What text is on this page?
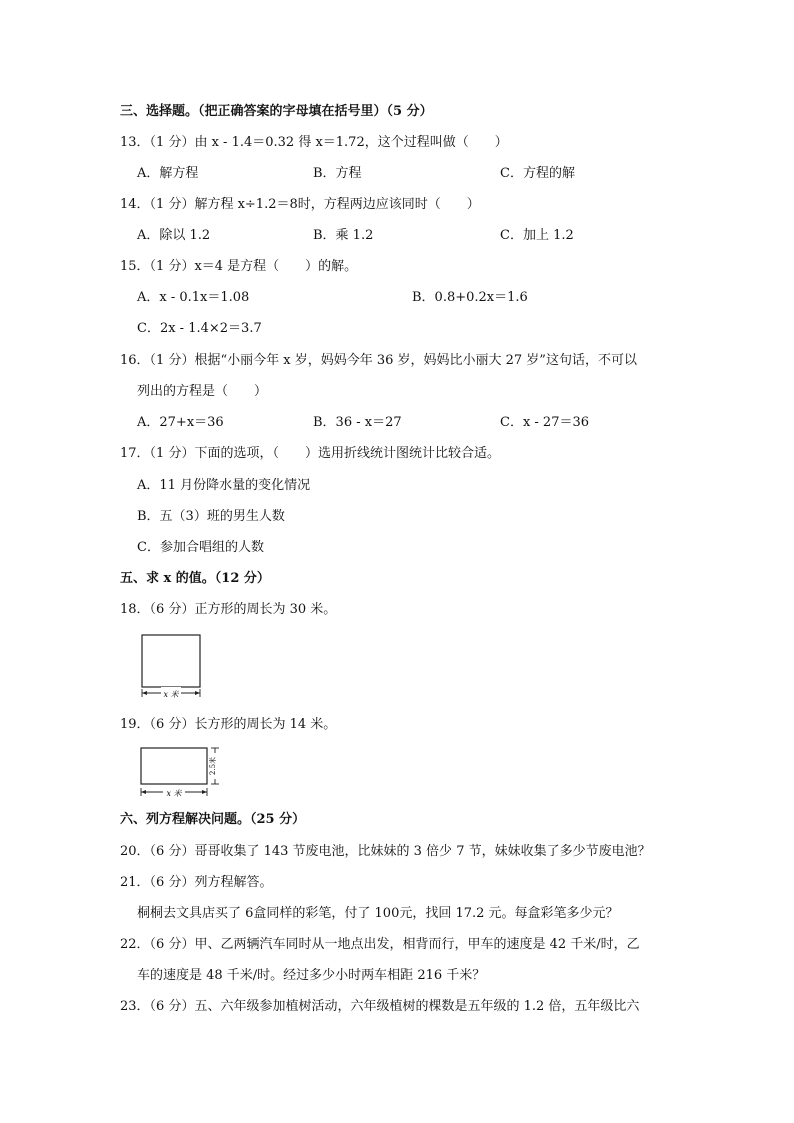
三、选择题。（把正确答案的字母填在括号里）（5 分）
13．（1 分）由 x - 1.4＝0.32 得 x＝1.72，这个过程叫做（　　）
A．解方程	B．方程	C．方程的解
14．（1 分）解方程 x÷1.2＝8时，方程两边应该同时（　　）
A．除以 1.2	B．乘 1.2	C．加上 1.2
15．（1 分）x＝4 是方程（　　）的解。
A．x - 0.1x＝1.08	B．0.8+0.2x＝1.6
C．2x - 1.4×2＝3.7
16．（1 分）根据“小丽今年 x 岁，妈妈今年 36 岁，妈妈比小丽大 27 岁”这句话，不可以
列出的方程是（　　）
A．27+x＝36	B．36 - x＝27	C．x - 27＝36
17．（1 分）下面的选项，（　　）选用折线统计图统计比较合适。
A．11 月份降水量的变化情况
B．五（3）班的男生人数
C．参加合唱组的人数
五、求 x 的值。（12 分）
18．（6 分）正方形的周长为 30 米。
x 米
19．（6 分）长方形的周长为 14 米。
x 米
2.5米
六、列方程解决问题。（25 分）
20．（6 分）哥哥收集了 143 节废电池，比妹妹的 3 倍少 7 节，妹妹收集了多少节废电池？
21．（6 分）列方程解答。
桐桐去文具店买了 6盒同样的彩笔，付了 100元，找回 17.2 元。每盒彩笔多少元？
22．（6 分）甲、乙两辆汽车同时从一地点出发，相背而行，甲车的速度是 42 千米/时，乙
车的速度是 48 千米/时。经过多少小时两车相距 216 千米？
23．（6 分）五、六年级参加植树活动，六年级植树的棵数是五年级的 1.2 倍，五年级比六
